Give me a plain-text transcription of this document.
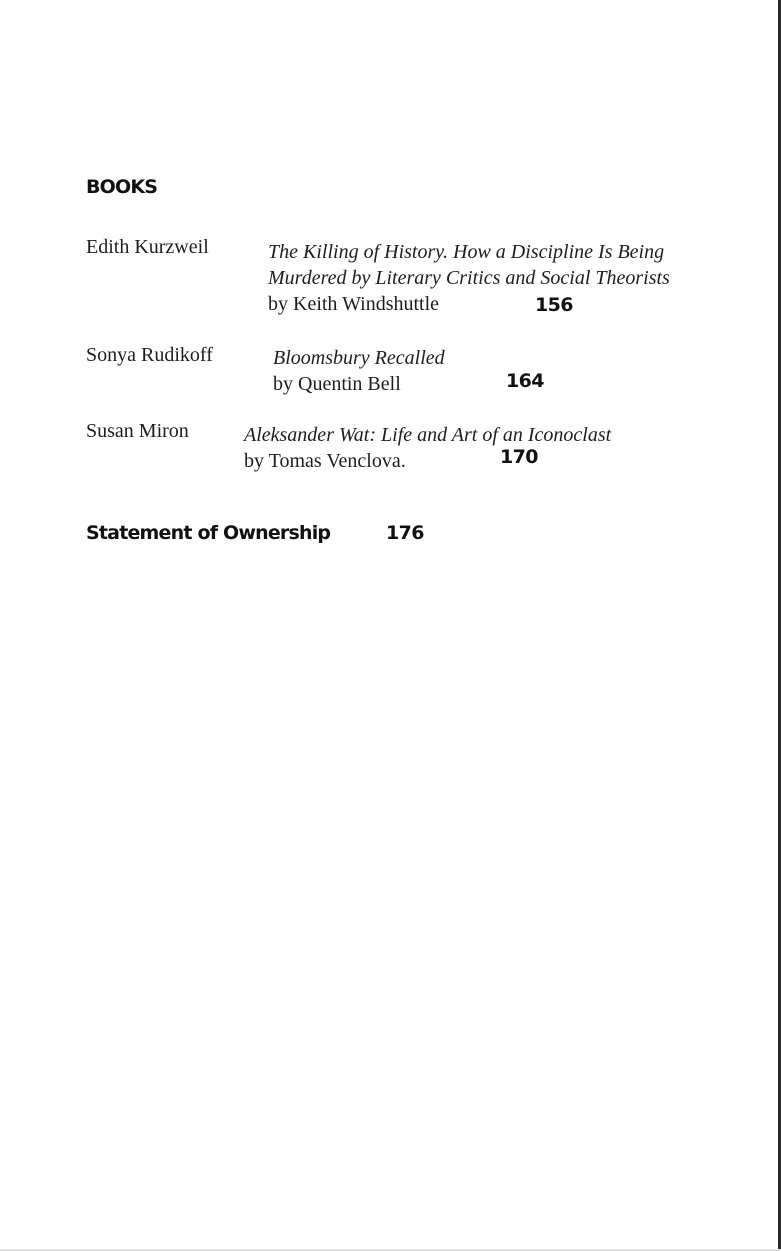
BOOKS
Edith Kurzweil	The Killing of History. How a Discipline Is Being
Murdered by Literary Critics and Social Theorists
by Keith Windshuttle	156
Sonya Rudikoff	Bloomsbury Recalled
by Quentin Bell	164
Susan Miron	Aleksander Wat: Life and Art of an Iconoclast
by Tomas Venclova.	170
Statement of Ownership	176
